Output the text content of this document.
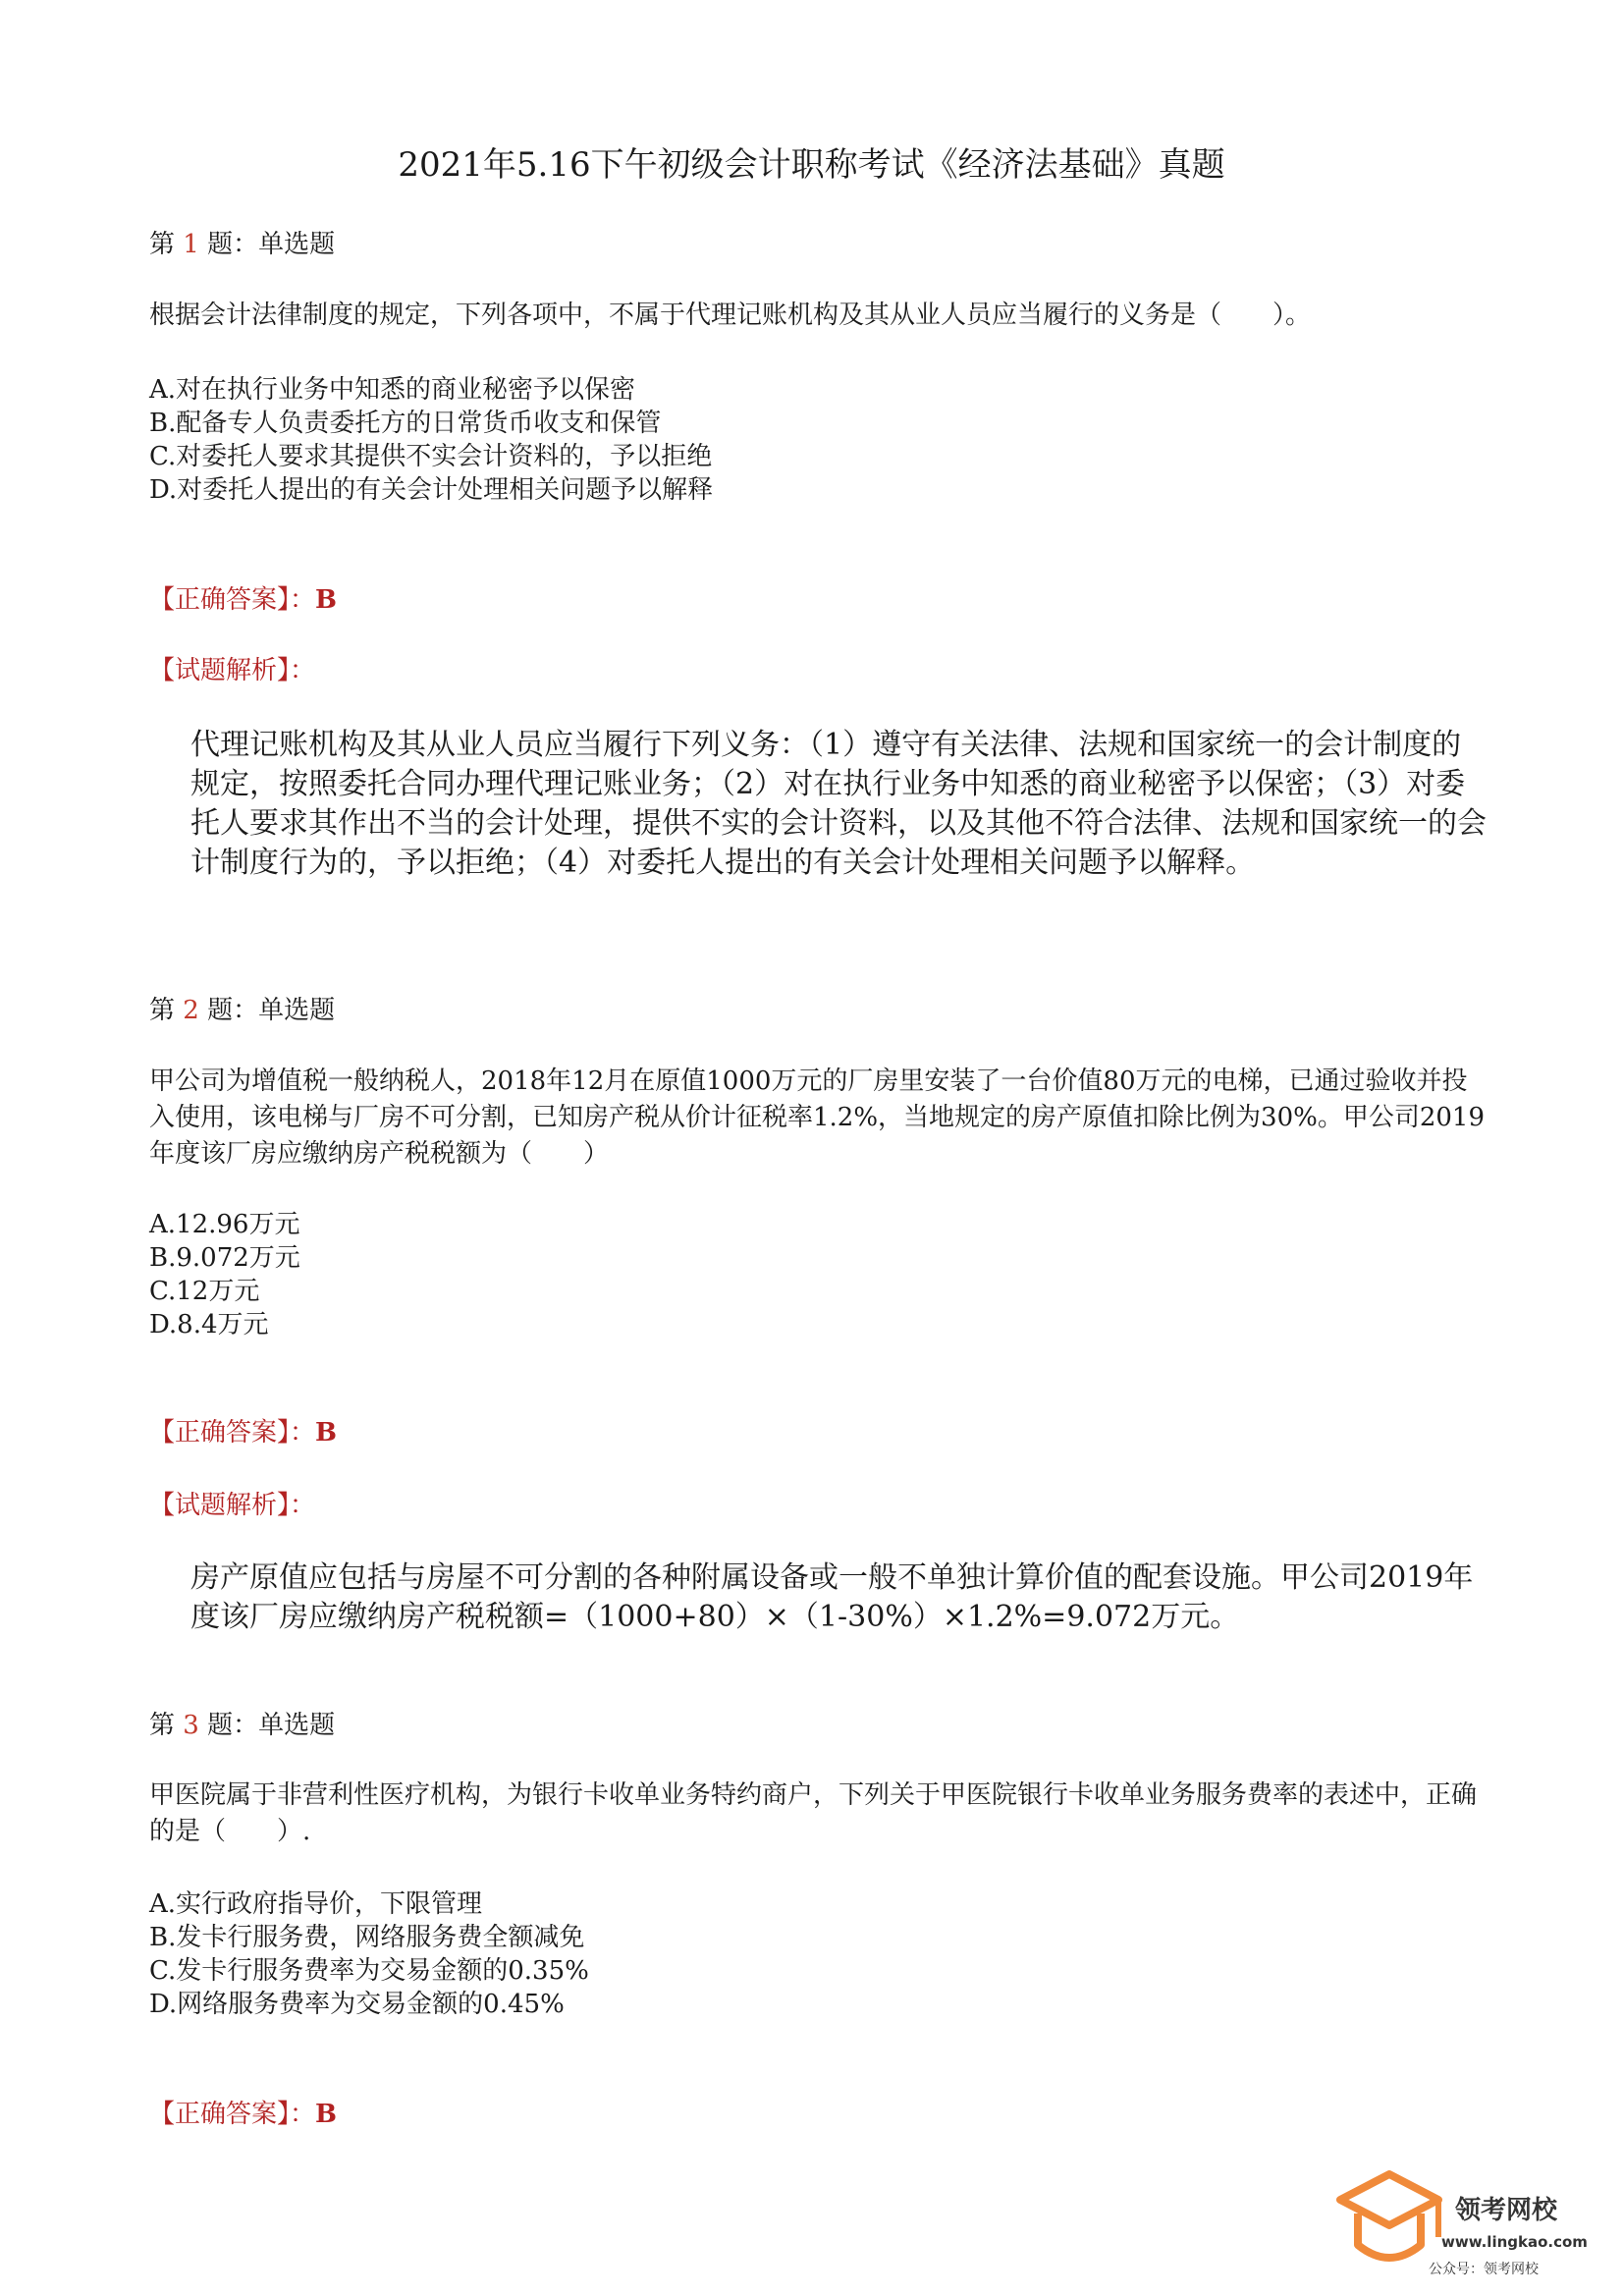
2021年5.16下午初级会计职称考试《经济法基础》真题
第 1 题：单选题
根据会计法律制度的规定，下列各项中，不属于代理记账机构及其从业人员应当履行的义务是（　　）。
A.对在执行业务中知悉的商业秘密予以保密
B.配备专人负责委托方的日常货币收支和保管
C.对委托人要求其提供不实会计资料的，予以拒绝
D.对委托人提出的有关会计处理相关问题予以解释
【正确答案】：B
【试题解析】：
代理记账机构及其从业人员应当履行下列义务：（1）遵守有关法律、法规和国家统一的会计制度的规定，按照委托合同办理代理记账业务；（2）对在执行业务中知悉的商业秘密予以保密；（3）对委托人要求其作出不当的会计处理，提供不实的会计资料，以及其他不符合法律、法规和国家统一的会计制度行为的，予以拒绝；（4）对委托人提出的有关会计处理相关问题予以解释。
第 2 题：单选题
甲公司为增值税一般纳税人，2018年12月在原值1000万元的厂房里安装了一台价值80万元的电梯，已通过验收并投入使用，该电梯与厂房不可分割，已知房产税从价计征税率1.2%，当地规定的房产原值扣除比例为30%。甲公司2019年度该厂房应缴纳房产税税额为（　　）
A.12.96万元
B.9.072万元
C.12万元
D.8.4万元
【正确答案】：B
【试题解析】：
房产原值应包括与房屋不可分割的各种附属设备或一般不单独计算价值的配套设施。甲公司2019年度该厂房应缴纳房产税税额=（1000+80）×（1-30%）×1.2%=9.072万元。
第 3 题：单选题
甲医院属于非营利性医疗机构，为银行卡收单业务特约商户，下列关于甲医院银行卡收单业务服务费率的表述中，正确的是（　　）.
A.实行政府指导价，下限管理
B.发卡行服务费，网络服务费全额减免
C.发卡行服务费率为交易金额的0.35%
D.网络服务费率为交易金额的0.45%
【正确答案】：B
领考网校
www.lingkao.com
公众号：领考网校
